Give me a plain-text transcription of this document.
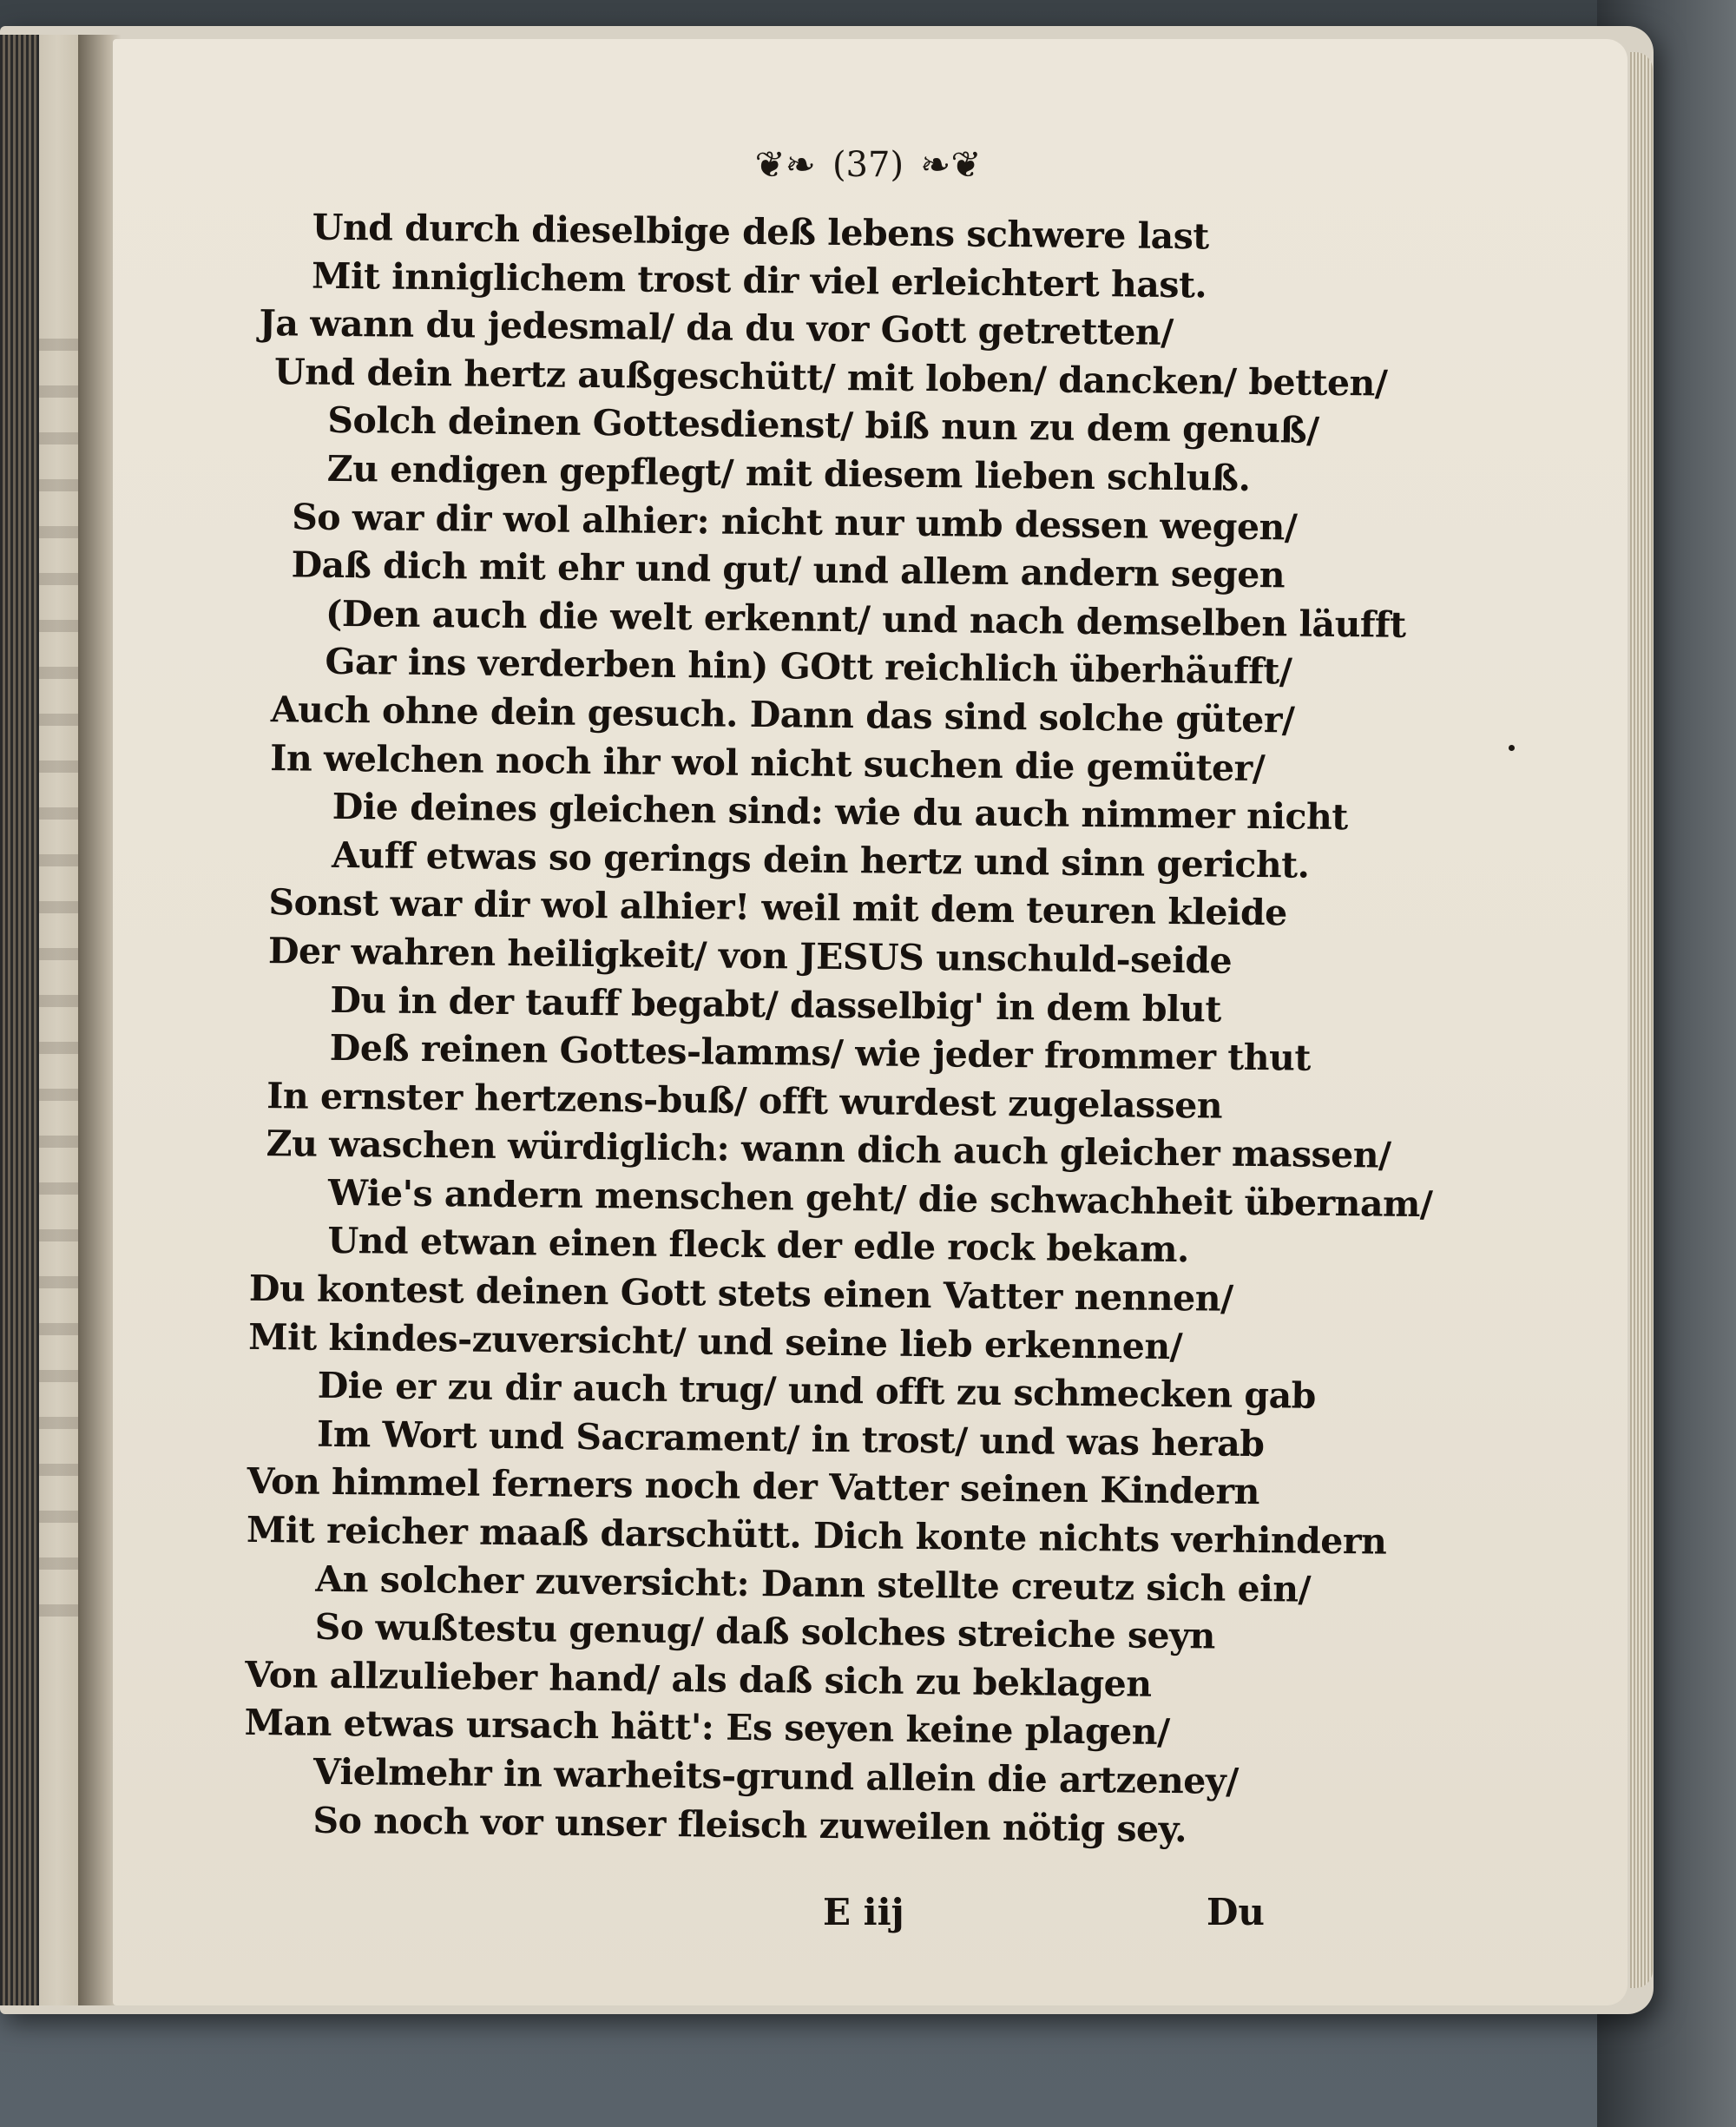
❦❧ (37) ❧❦
Und durch dieselbige deß lebens schwere last
Mit inniglichem trost dir viel erleichtert hast.
Ja wann du jedesmal/ da du vor Gott getretten/
Und dein hertz außgeschütt/ mit loben/ dancken/ betten/
Solch deinen Gottesdienst/ biß nun zu dem genuß/
Zu endigen gepflegt/ mit diesem lieben schluß.
So war dir wol alhier: nicht nur umb dessen wegen/
Daß dich mit ehr und gut/ und allem andern segen
(Den auch die welt erkennt/ und nach demselben läufft
Gar ins verderben hin) GOtt reichlich überhäufft/
Auch ohne dein gesuch. Dann das sind solche güter/
In welchen noch ihr wol nicht suchen die gemüter/
Die deines gleichen sind: wie du auch nimmer nicht
Auff etwas so gerings dein hertz und sinn gericht.
Sonst war dir wol alhier! weil mit dem teuren kleide
Der wahren heiligkeit/ von JESUS unschuld-seide
Du in der tauff begabt/ dasselbig' in dem blut
Deß reinen Gottes-lamms/ wie jeder frommer thut
In ernster hertzens-buß/ offt wurdest zugelassen
Zu waschen würdiglich: wann dich auch gleicher massen/
Wie's andern menschen geht/ die schwachheit übernam/
Und etwan einen fleck der edle rock bekam.
Du kontest deinen Gott stets einen Vatter nennen/
Mit kindes-zuversicht/ und seine lieb erkennen/
Die er zu dir auch trug/ und offt zu schmecken gab
Im Wort und Sacrament/ in trost/ und was herab
Von himmel ferners noch der Vatter seinen Kindern
Mit reicher maaß darschütt. Dich konte nichts verhindern
An solcher zuversicht: Dann stellte creutz sich ein/
So wußtestu genug/ daß solches streiche seyn
Von allzulieber hand/ als daß sich zu beklagen
Man etwas ursach hätt': Es seyen keine plagen/
Vielmehr in warheits-grund allein die artzeney/
So noch vor unser fleisch zuweilen nötig sey.
E iij	Du
